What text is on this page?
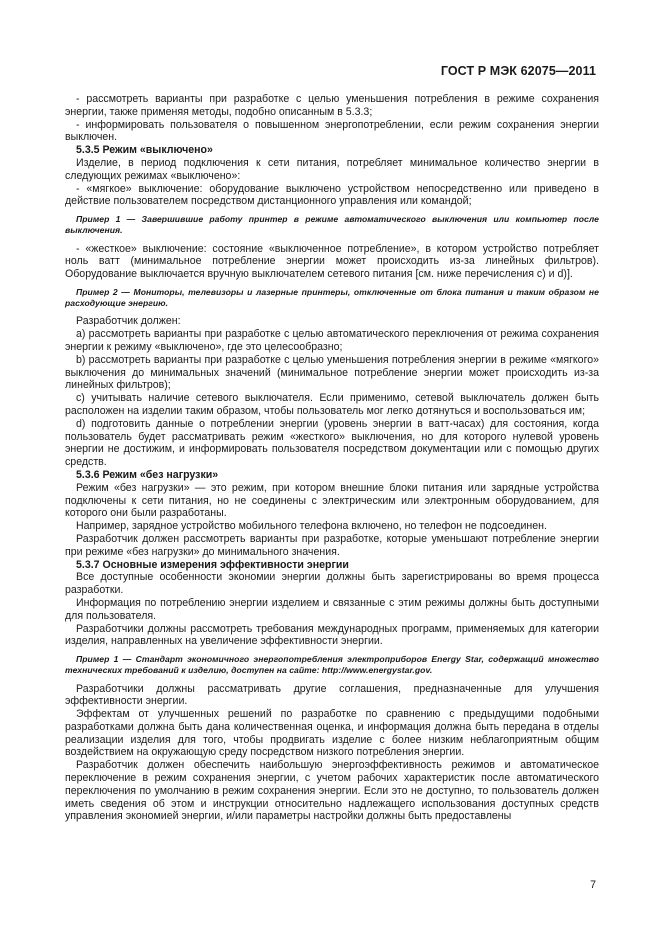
ГОСТ Р МЭК 62075—2011

- рассмотреть варианты при разработке с целью уменьшения потребления в режиме сохранения энергии, также применяя методы, подобно описанным в 5.3.3;

- информировать пользователя о повышенном энергопотреблении, если режим сохранения энергии выключен.

5.3.5 Режим «выключено»

Изделие, в период подключения к сети питания, потребляет минимальное количество энергии в следующих режимах «выключено»:

- «мягкое» выключение: оборудование выключено устройством непосредственно или приведено в действие пользователем посредством дистанционного управления или командой;

Пример 1 — Завершившие работу принтер в режиме автоматического выключения или компьютер после выключения.

- «жесткое» выключение: состояние «выключенное потребление», в котором устройство потребляет ноль ватт (минимальное потребление энергии может происходить из-за линейных фильтров). Оборудование выключается вручную выключателем сетевого питания [см. ниже перечисления с) и d)].

Пример 2 — Мониторы, телевизоры и лазерные принтеры, отключенные от блока питания и таким образом не расходующие энергию.

Разработчик должен:

а) рассмотреть варианты при разработке с целью автоматического переключения от режима сохранения энергии к режиму «выключено», где это целесообразно;

b) рассмотреть варианты при разработке с целью уменьшения потребления энергии в режиме «мягкого» выключения до минимальных значений (минимальное потребление энергии может происходить из-за линейных фильтров);

с) учитывать наличие сетевого выключателя. Если применимо, сетевой выключатель должен быть расположен на изделии таким образом, чтобы пользователь мог легко дотянуться и воспользоваться им;

d) подготовить данные о потреблении энергии (уровень энергии в ватт-часах) для состояния, когда пользователь будет рассматривать режим «жесткого» выключения, но для которого нулевой уровень энергии не достижим, и информировать пользователя посредством документации или с помощью других средств.

5.3.6 Режим «без нагрузки»

Режим «без нагрузки» — это режим, при котором внешние блоки питания или зарядные устройства подключены к сети питания, но не соединены с электрическим или электронным оборудованием, для которого они были разработаны.

Например, зарядное устройство мобильного телефона включено, но телефон не подсоединен.

Разработчик должен рассмотреть варианты при разработке, которые уменьшают потребление энергии при режиме «без нагрузки» до минимального значения.

5.3.7 Основные измерения эффективности энергии

Все доступные особенности экономии энергии должны быть зарегистрированы во время процесса разработки.

Информация по потреблению энергии изделием и связанные с этим режимы должны быть доступными для пользователя.

Разработчики должны рассмотреть требования международных программ, применяемых для категории изделия, направленных на увеличение эффективности энергии.

Пример 1 — Стандарт экономичного энергопотребления электроприборов Energy Star, содержащий множество технических требований к изделию, доступен на сайте: http://www.energystar.gov.

Разработчики должны рассматривать другие соглашения, предназначенные для улучшения эффективности энергии.

Эффектам от улучшенных решений по разработке по сравнению с предыдущими подобными разработками должна быть дана количественная оценка, и информация должна быть передана в отделы реализации изделия для того, чтобы продвигать изделие с более низким неблагоприятным общим воздействием на окружающую среду посредством низкого потребления энергии.

Разработчик должен обеспечить наибольшую энергоэффективность режимов и автоматическое переключение в режим сохранения энергии, с учетом рабочих характеристик после автоматического переключения по умолчанию в режим сохранения энергии. Если это не доступно, то пользователь должен иметь сведения об этом и инструкции относительно надлежащего использования доступных средств управления экономией энергии, и/или параметры настройки должны быть предоставлены

7
